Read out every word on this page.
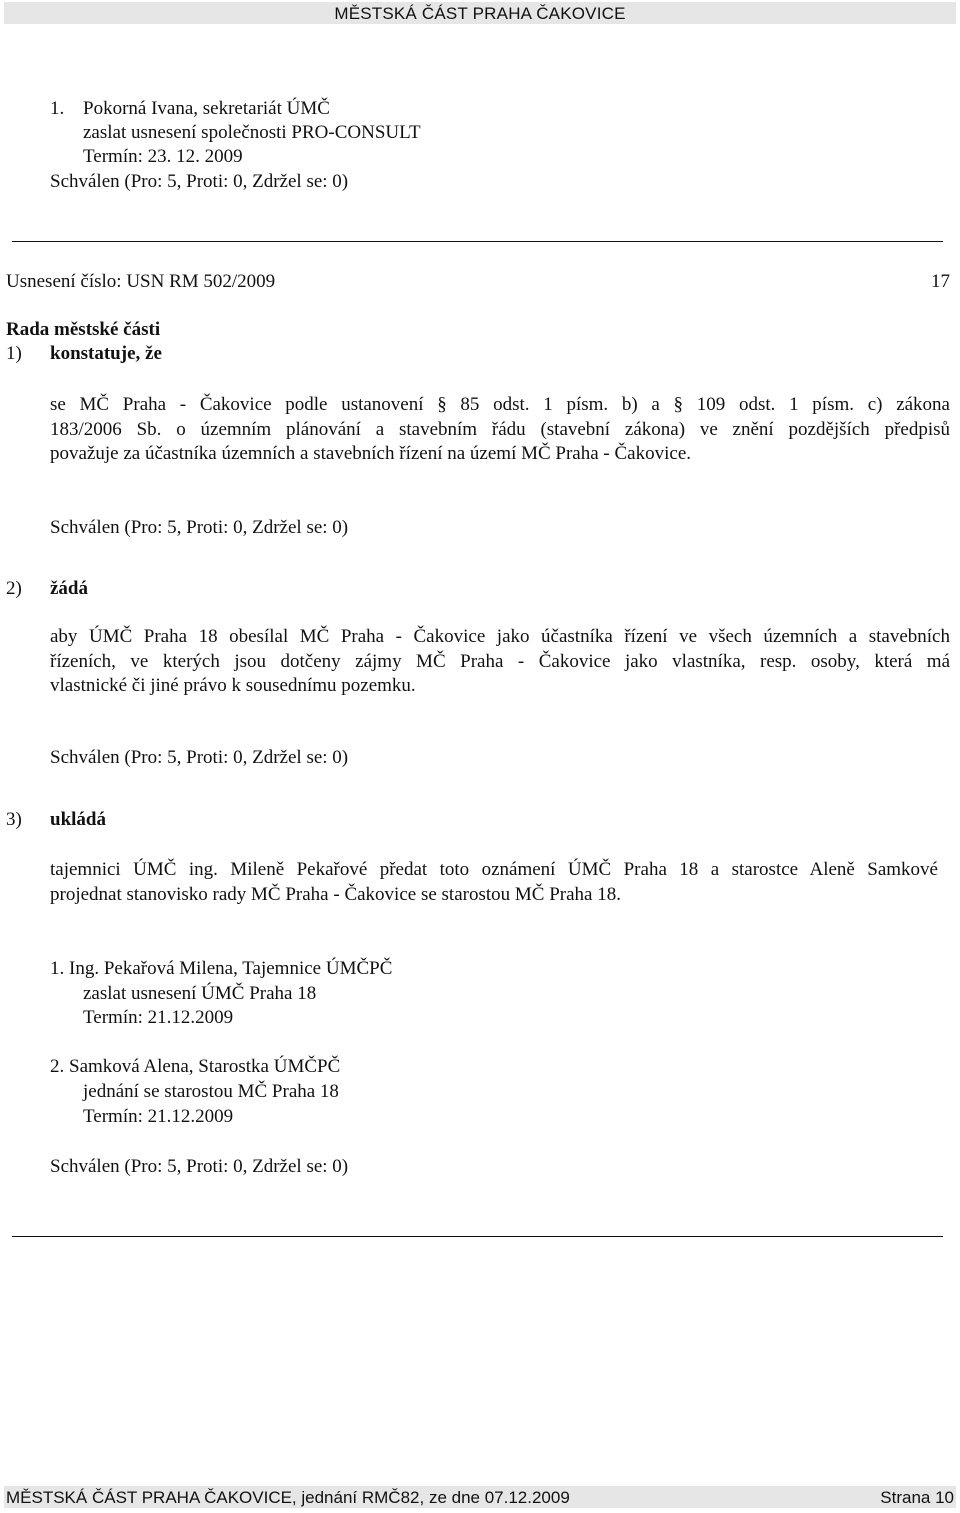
MĚSTSKÁ ČÁST PRAHA ČAKOVICE
1. Pokorná Ivana, sekretariát ÚMČ
zaslat usnesení společnosti PRO-CONSULT
Termín: 23. 12. 2009
Schválen (Pro: 5, Proti: 0, Zdržel se: 0)
Usnesení číslo: USN RM 502/2009	17
Rada městské části
1) konstatuje, že
se MČ Praha - Čakovice podle ustanovení § 85 odst. 1 písm. b) a § 109 odst. 1 písm. c) zákona
183/2006 Sb. o územním plánování a stavebním řádu (stavební zákona) ve znění pozdějších předpisů
považuje za účastníka územních a stavebních řízení na území MČ Praha - Čakovice.
Schválen (Pro: 5, Proti: 0, Zdržel se: 0)
2) žádá
aby ÚMČ Praha 18 obesílal MČ Praha - Čakovice jako účastníka řízení ve všech územních a stavebních
řízeních, ve kterých jsou dotčeny zájmy MČ Praha - Čakovice jako vlastníka, resp. osoby, která má
vlastnické či jiné právo k sousednímu pozemku.
Schválen (Pro: 5, Proti: 0, Zdržel se: 0)
3) ukládá
tajemnici ÚMČ ing. Mileně Pekařové předat toto oznámení ÚMČ Praha 18 a starostce Aleně Samkové
projednat stanovisko rady MČ Praha - Čakovice se starostou MČ Praha 18.
1. Ing. Pekařová Milena, Tajemnice ÚMČPČ
zaslat usnesení ÚMČ Praha 18
Termín: 21.12.2009
2. Samková Alena, Starostka ÚMČPČ
jednání se starostou MČ Praha 18
Termín: 21.12.2009
Schválen (Pro: 5, Proti: 0, Zdržel se: 0)
MĚSTSKÁ ČÁST PRAHA ČAKOVICE, jednání RMČ82, ze dne 07.12.2009	Strana 10
